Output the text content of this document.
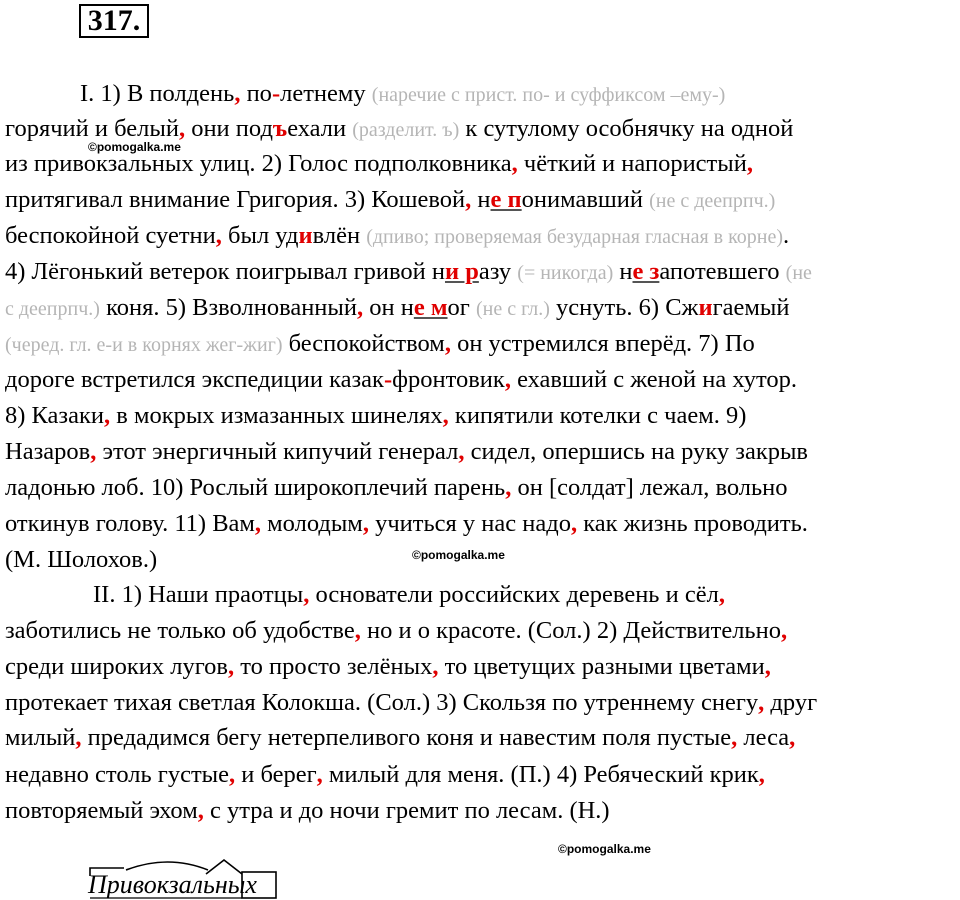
317.
I. 1) В полдень, по-летнему (наречие с прист. по- и суффиксом –ему-)
горячий и белый, они подъехали (разделит. ъ) к сутулому особнячку на одной
из привокзальных улиц. 2) Голос подполковника, чёткий и напористый,
притягивал внимание Григория. 3) Кошевой, не понимавший (не с деепрпч.)
беспокойной суетни, был удивлён (дпиво; проверяемая безударная гласная в корне).
4) Лёгонький ветерок поигрывал гривой ни разу (= никогда) не запотевшего (не
с деепрпч.) коня. 5) Взволнованный, он не мог (не с гл.) уснуть. 6) Сжигаемый
(черед. гл. е-и в корнях жег-жиг) беспокойством, он устремился вперёд. 7) По
дороге встретился экспедиции казак-фронтовик, ехавший с женой на хутор.
8) Казаки, в мокрых измазанных шинелях, кипятили котелки с чаем. 9)
Назаров, этот энергичный кипучий генерал, сидел, опершись на руку закрыв
ладонью лоб. 10) Рослый широкоплечий парень, он [солдат] лежал, вольно
откинув голову. 11) Вам, молодым, учиться у нас надо, как жизнь проводить.
(М. Шолохов.)
II. 1) Наши праотцы, основатели российских деревень и сёл,
заботились не только об удобстве, но и о красоте. (Сол.) 2) Действительно,
среди широких лугов, то просто зелёных, то цветущих разными цветами,
протекает тихая светлая Колокша. (Сол.) 3) Скользя по утреннему снегу, друг
милый, предадимся бегу нетерпеливого коня и навестим поля пустые, леса,
недавно столь густые, и берег, милый для меня. (П.) 4) Ребяческий крик,
повторяемый эхом, с утра и до ночи гремит по лесам. (Н.)
©pomogalka.me
©pomogalka.me
©pomogalka.me
Привокзальных
